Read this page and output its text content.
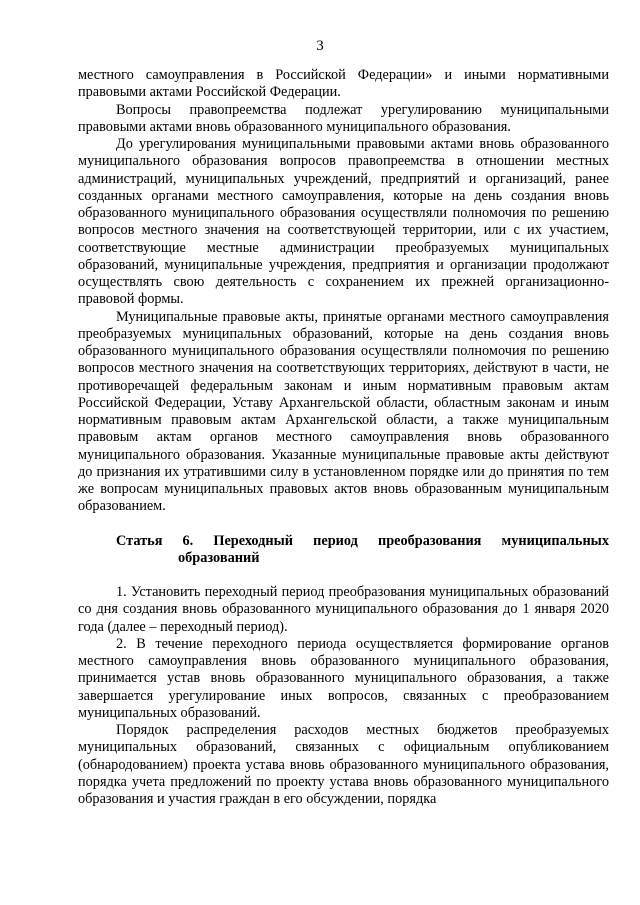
3

местного самоуправления в Российской Федерации» и иными нормативными правовыми актами Российской Федерации.

Вопросы правопреемства подлежат урегулированию муниципальными правовыми актами вновь образованного муниципального образования.

До урегулирования муниципальными правовыми актами вновь образованного муниципального образования вопросов правопреемства в отношении местных администраций, муниципальных учреждений, предприятий и организаций, ранее созданных органами местного самоуправления, которые на день создания вновь образованного муниципального образования осуществляли полномочия по решению вопросов местного значения на соответствующей территории, или с их участием, соответствующие местные администрации преобразуемых муниципальных образований, муниципальные учреждения, предприятия и организации продолжают осуществлять свою деятельность с сохранением их прежней организационно-правовой формы.

Муниципальные правовые акты, принятые органами местного самоуправления преобразуемых муниципальных образований, которые на день создания вновь образованного муниципального образования осуществляли полномочия по решению вопросов местного значения на соответствующих территориях, действуют в части, не противоречащей федеральным законам и иным нормативным правовым актам Российской Федерации, Уставу Архангельской области, областным законам и иным нормативным правовым актам Архангельской области, а также муниципальным правовым актам органов местного самоуправления вновь образованного муниципального образования. Указанные муниципальные правовые акты действуют до признания их утратившими силу в установленном порядке или до принятия по тем же вопросам муниципальных правовых актов вновь образованным муниципальным образованием.

Статья 6. Переходный период преобразования муниципальных
образований

1. Установить переходный период преобразования муниципальных образований со дня создания вновь образованного муниципального образования до 1 января 2020 года (далее – переходный период).

2. В течение переходного периода осуществляется формирование органов местного самоуправления вновь образованного муниципального образования, принимается устав вновь образованного муниципального образования, а также завершается урегулирование иных вопросов, связанных с преобразованием муниципальных образований.

Порядок распределения расходов местных бюджетов преобразуемых муниципальных образований, связанных с официальным опубликованием (обнародованием) проекта устава вновь образованного муниципального образования, порядка учета предложений по проекту устава вновь образованного муниципального образования и участия граждан в его обсуждении, порядка
